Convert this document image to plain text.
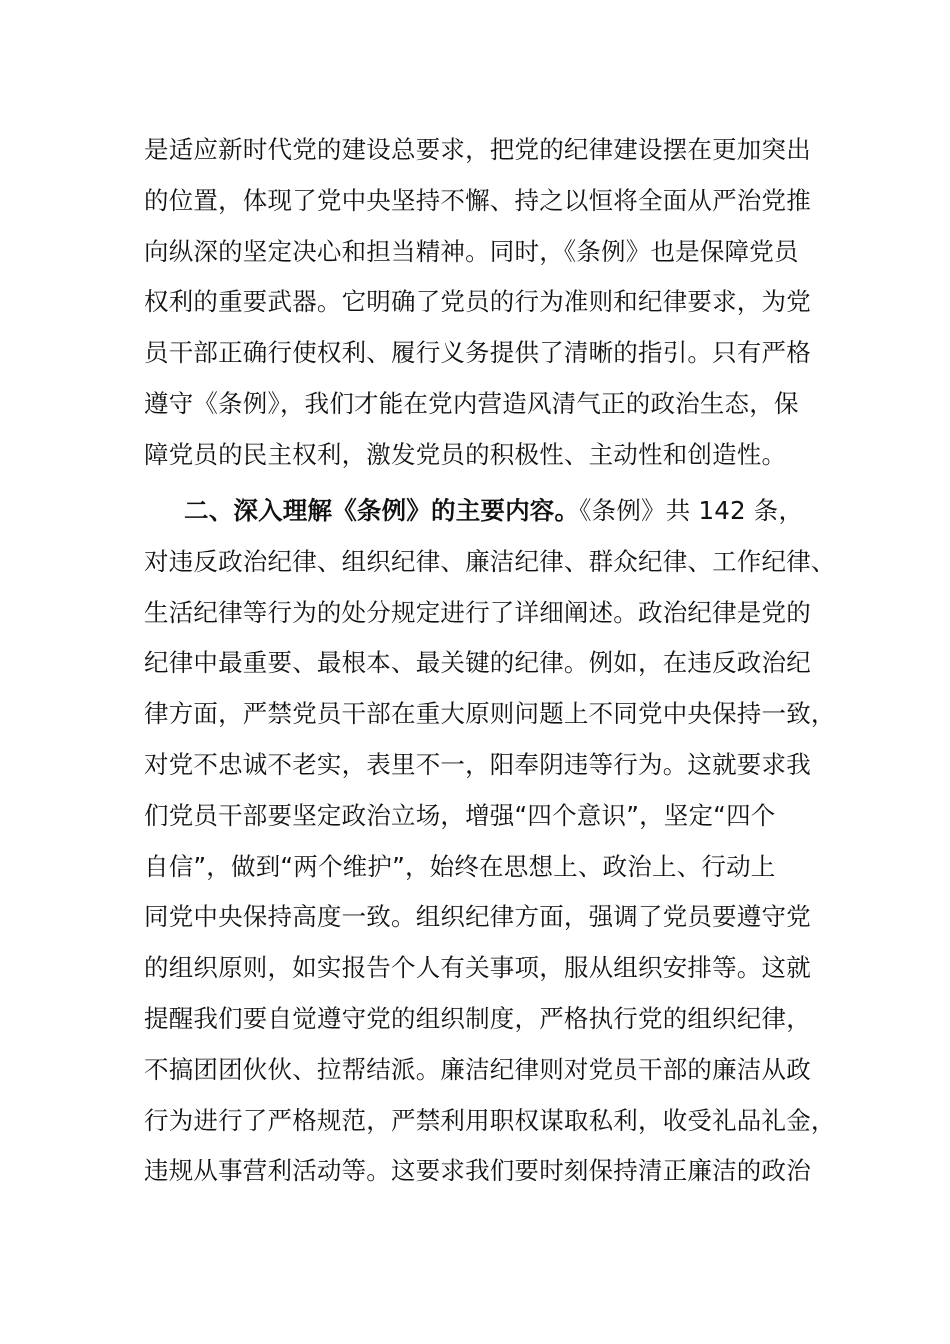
是适应新时代党的建设总要求，把党的纪律建设摆在更加突出
的位置，体现了党中央坚持不懈、持之以恒将全面从严治党推
向纵深的坚定决心和担当精神。同时，《条例》也是保障党员
权利的重要武器。它明确了党员的行为准则和纪律要求，为党
员干部正确行使权利、履行义务提供了清晰的指引。只有严格
遵守《条例》，我们才能在党内营造风清气正的政治生态，保
障党员的民主权利，激发党员的积极性、主动性和创造性。
二、深入理解《条例》的主要内容。《条例》共 142 条，
对违反政治纪律、组织纪律、廉洁纪律、群众纪律、工作纪律、
生活纪律等行为的处分规定进行了详细阐述。政治纪律是党的
纪律中最重要、最根本、最关键的纪律。例如，在违反政治纪
律方面，严禁党员干部在重大原则问题上不同党中央保持一致，
对党不忠诚不老实，表里不一，阳奉阴违等行为。这就要求我
们党员干部要坚定政治立场，增强“四个意识”，坚定“四个
自信”，做到“两个维护”，始终在思想上、政治上、行动上
同党中央保持高度一致。组织纪律方面，强调了党员要遵守党
的组织原则，如实报告个人有关事项，服从组织安排等。这就
提醒我们要自觉遵守党的组织制度，严格执行党的组织纪律，
不搞团团伙伙、拉帮结派。廉洁纪律则对党员干部的廉洁从政
行为进行了严格规范，严禁利用职权谋取私利，收受礼品礼金，
违规从事营利活动等。这要求我们要时刻保持清正廉洁的政治
